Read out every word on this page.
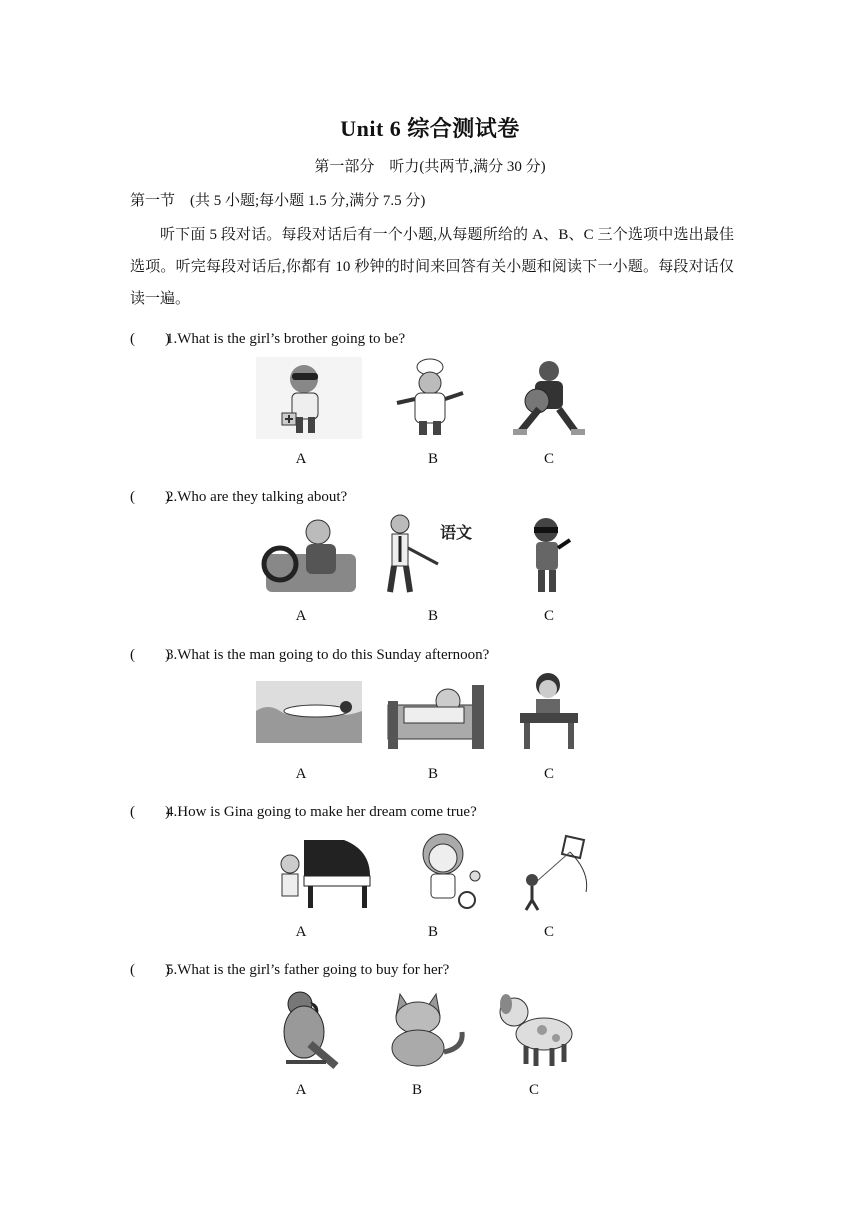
Unit 6 综合测试卷
第一部分　听力(共两节,满分 30 分)
第一节　(共 5 小题;每小题 1.5 分,满分 7.5 分)
听下面 5 段对话。每段对话后有一个小题,从每题所给的 A、B、C 三个选项中选出最佳选项。听完每段对话后,你都有 10 秒钟的时间来回答有关小题和阅读下一小题。每段对话仅读一遍。
(　　)1.What is the girl’s brother going to be?
A	B	C
(　　)2.Who are they talking about?
语文
A	B	C
(　　)3.What is the man going to do this Sunday afternoon?
A	B	C
(　　)4.How is Gina going to make her dream come true?
A	B	C
(　　)5.What is the girl’s father going to buy for her?
A	B	C
